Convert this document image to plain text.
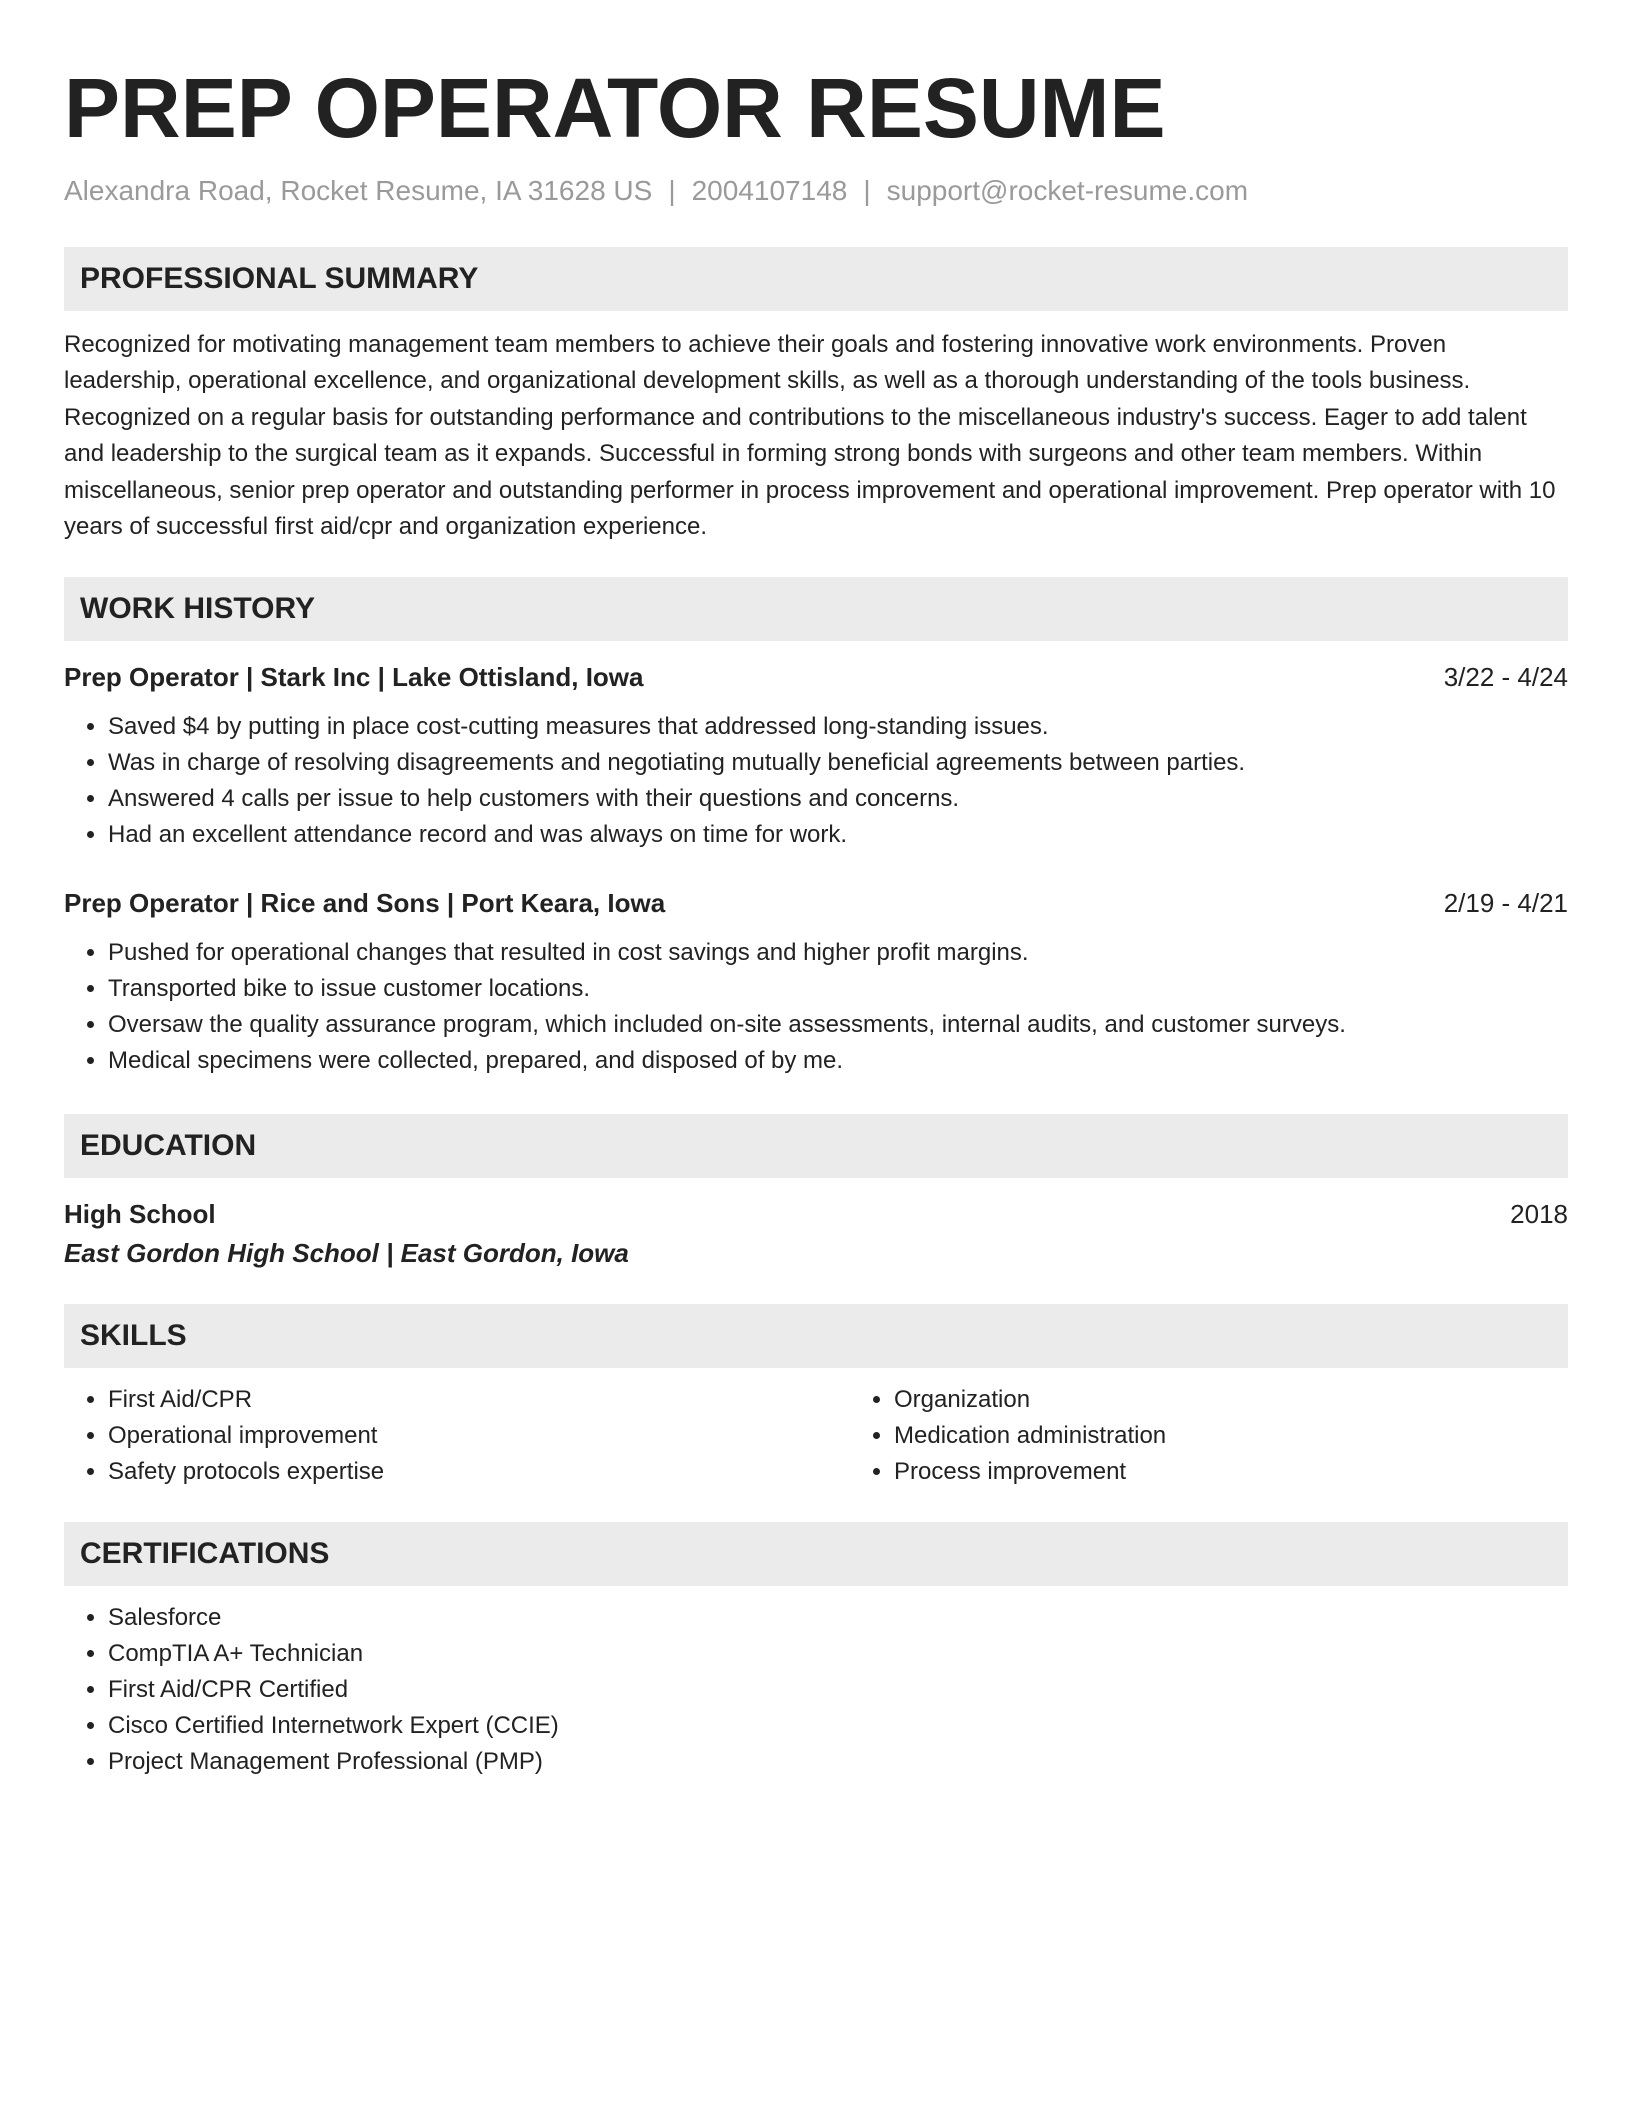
PREP OPERATOR RESUME
Alexandra Road, Rocket Resume, IA 31628 US | 2004107148 | support@rocket-resume.com
PROFESSIONAL SUMMARY

Recognized for motivating management team members to achieve their goals and fostering innovative work environments. Proven leadership, operational excellence, and organizational development skills, as well as a thorough understanding of the tools business. Recognized on a regular basis for outstanding performance and contributions to the miscellaneous industry's success. Eager to add talent and leadership to the surgical team as it expands. Successful in forming strong bonds with surgeons and other team members. Within miscellaneous, senior prep operator and outstanding performer in process improvement and operational improvement. Prep operator with 10 years of successful first aid/cpr and organization experience.

WORK HISTORY
Prep Operator | Stark Inc | Lake Ottisland, Iowa	3/22 - 4/24
• Saved $4 by putting in place cost-cutting measures that addressed long-standing issues.
• Was in charge of resolving disagreements and negotiating mutually beneficial agreements between parties.
• Answered 4 calls per issue to help customers with their questions and concerns.
• Had an excellent attendance record and was always on time for work.
Prep Operator | Rice and Sons | Port Keara, Iowa	2/19 - 4/21
• Pushed for operational changes that resulted in cost savings and higher profit margins.
• Transported bike to issue customer locations.
• Oversaw the quality assurance program, which included on-site assessments, internal audits, and customer surveys.
• Medical specimens were collected, prepared, and disposed of by me.
EDUCATION
High School	2018
East Gordon High School | East Gordon, Iowa
SKILLS
• First Aid/CPR
• Operational improvement
• Safety protocols expertise
• Organization
• Medication administration
• Process improvement
CERTIFICATIONS
• Salesforce
• CompTIA A+ Technician
• First Aid/CPR Certified
• Cisco Certified Internetwork Expert (CCIE)
• Project Management Professional (PMP)
